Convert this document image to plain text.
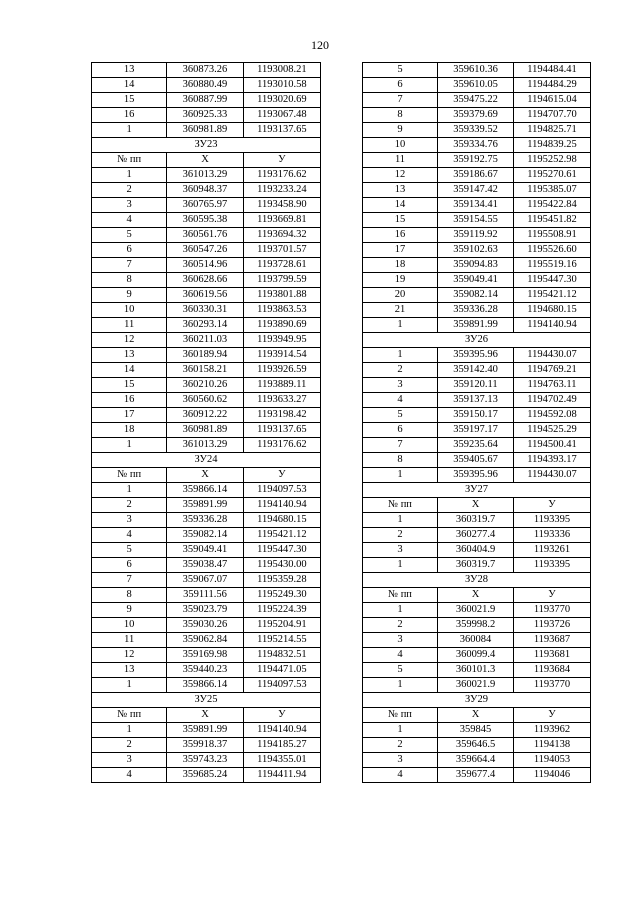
120
13	360873.26	1193008.21
14	360880.49	1193010.58
15	360887.99	1193020.69
16	360925.33	1193067.48
1	360981.89	1193137.65
ЗУ23		
№ пп	X	У
1	361013.29	1193176.62
2	360948.37	1193233.24
3	360765.97	1193458.90
4	360595.38	1193669.81
5	360561.76	1193694.32
6	360547.26	1193701.57
7	360514.96	1193728.61
8	360628.66	1193799.59
9	360619.56	1193801.88
10	360330.31	1193863.53
11	360293.14	1193890.69
12	360211.03	1193949.95
13	360189.94	1193914.54
14	360158.21	1193926.59
15	360210.26	1193889.11
16	360560.62	1193633.27
17	360912.22	1193198.42
18	360981.89	1193137.65
1	361013.29	1193176.62
ЗУ24		
№ пп	X	У
1	359866.14	1194097.53
2	359891.99	1194140.94
3	359336.28	1194680.15
4	359082.14	1195421.12
5	359049.41	1195447.30
6	359038.47	1195430.00
7	359067.07	1195359.28
8	359111.56	1195249.30
9	359023.79	1195224.39
10	359030.26	1195204.91
11	359062.84	1195214.55
12	359169.98	1194832.51
13	359440.23	1194471.05
1	359866.14	1194097.53
ЗУ25		
№ пп	X	У
1	359891.99	1194140.94
2	359918.37	1194185.27
3	359743.23	1194355.01
4	359685.24	1194411.94
5	359610.36	1194484.41
6	359610.05	1194484.29
7	359475.22	1194615.04
8	359379.69	1194707.70
9	359339.52	1194825.71
10	359334.76	1194839.25
11	359192.75	1195252.98
12	359186.67	1195270.61
13	359147.42	1195385.07
14	359134.41	1195422.84
15	359154.55	1195451.82
16	359119.92	1195508.91
17	359102.63	1195526.60
18	359094.83	1195519.16
19	359049.41	1195447.30
20	359082.14	1195421.12
21	359336.28	1194680.15
1	359891.99	1194140.94
ЗУ26		
1	359395.96	1194430.07
2	359142.40	1194769.21
3	359120.11	1194763.11
4	359137.13	1194702.49
5	359150.17	1194592.08
6	359197.17	1194525.29
7	359235.64	1194500.41
8	359405.67	1194393.17
1	359395.96	1194430.07
ЗУ27		
№ пп	X	У
1	360319.7	1193395
2	360277.4	1193336
3	360404.9	1193261
1	360319.7	1193395
ЗУ28		
№ пп	X	У
1	360021.9	1193770
2	359998.2	1193726
3	360084	1193687
4	360099.4	1193681
5	360101.3	1193684
1	360021.9	1193770
ЗУ29		
№ пп	X	У
1	359845	1193962
2	359646.5	1194138
3	359664.4	1194053
4	359677.4	1194046
